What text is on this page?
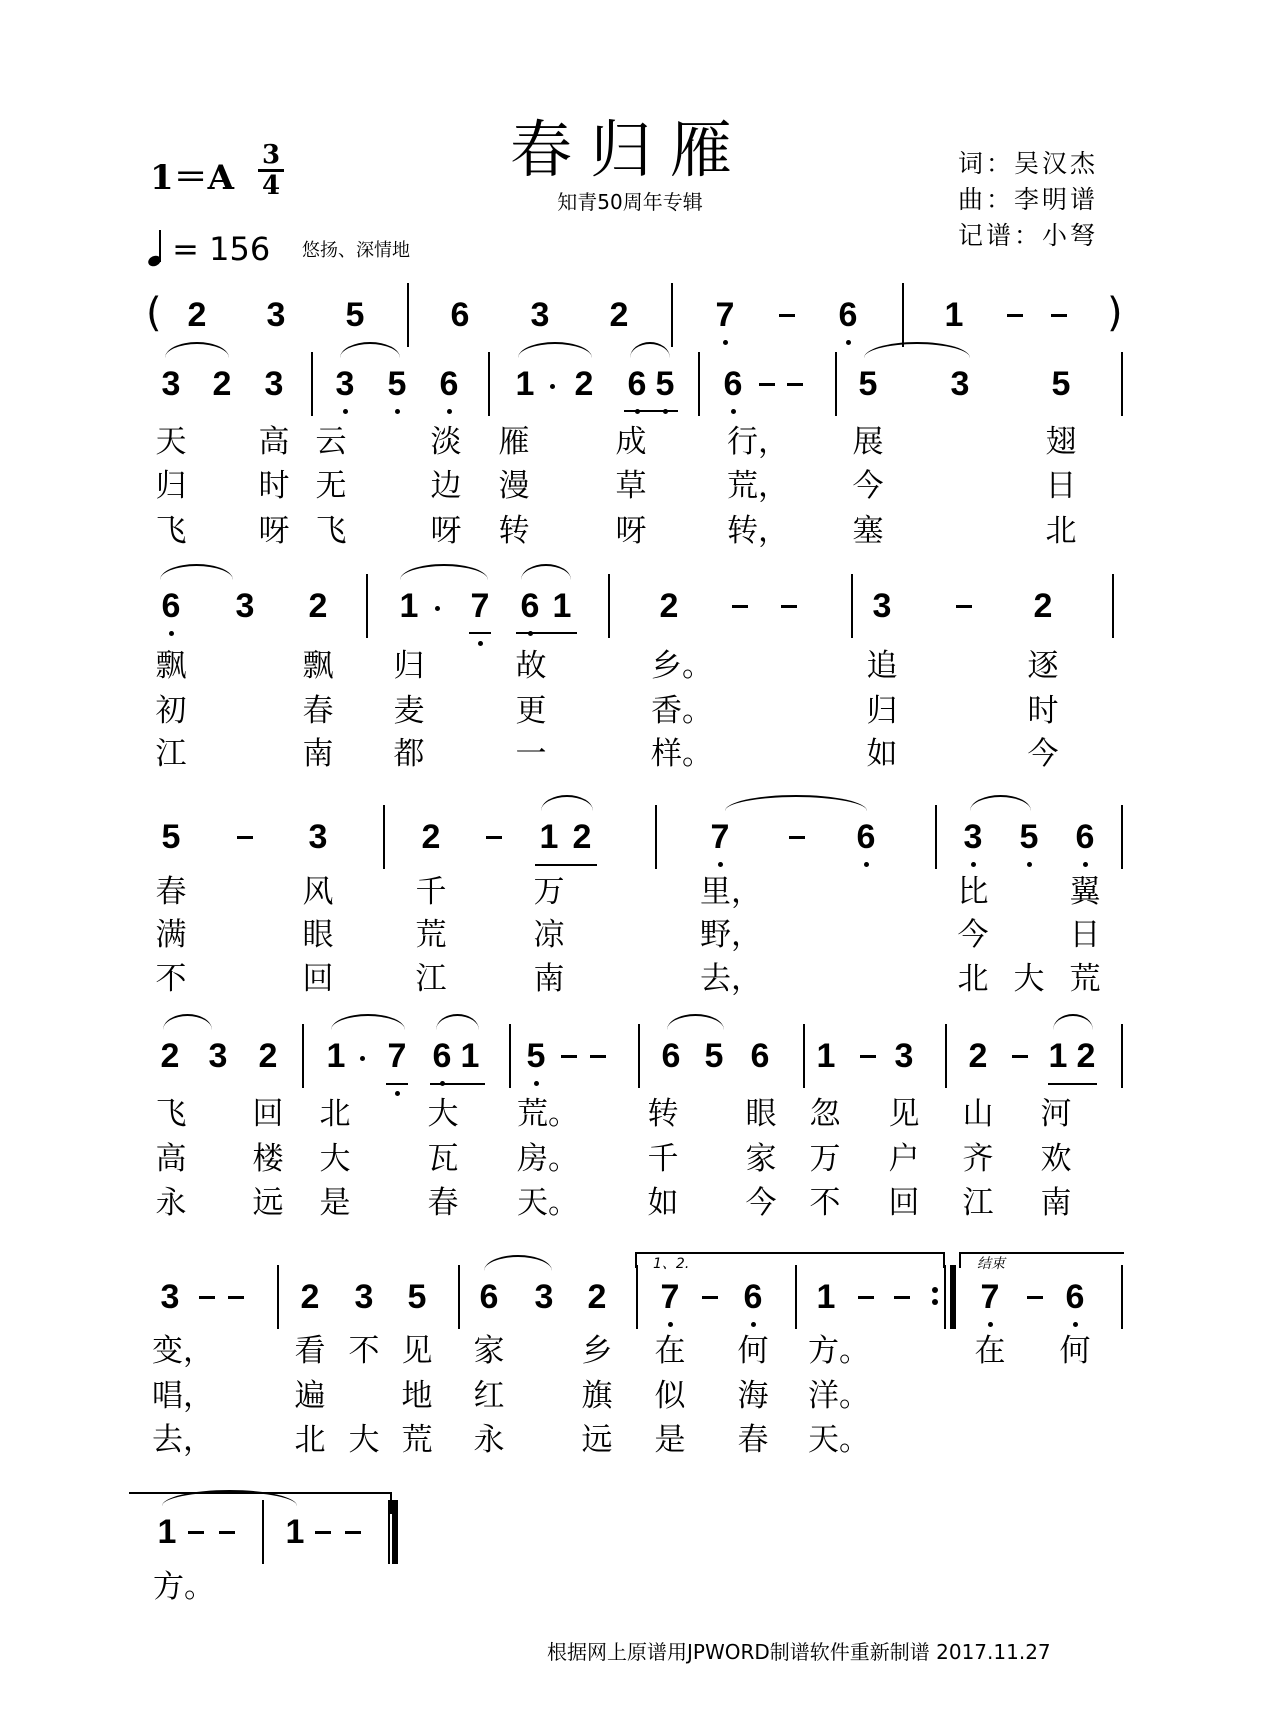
春归雁
知青50周年专辑
1＝A
3
4
= 156 悠扬、深情地
词：吴汉杰
曲：李明谱
记谱：小弩
( 2 3 5	6 3 2	7	6	1	)
3 2 3 3 5 6 1 2 6 5 6	5 3 5
天 高 云	淡 雁	成	行， 展	翅
归 时 无	边 漫	草	荒， 今	日
飞 呀 飞	呀 转	呀	转， 塞	北
6 3 2 1 7 6 1	2	3	2
飘	飘 归	故	乡。	追	逐
初	春 麦	更	香。	归	时
江	南 都	一	样。	如	今
5	3	2	1 2	7	6	3 5 6
春	风	千	万	里，	比	翼
满	眼	荒	凉	野，	今	日
不	回	江	南	去，	北 大 荒
2 3 2 1 7 6 1 5	6 5 6 1 3 2 1 2
飞 回 北 大 荒。 转 眼 忽 见 山 河
高 楼 大 瓦 房。 千 家 万 户 齐 欢
永 远 是 春 天。 如 今 不 回 江 南
3	2 3 5 6 3 2 7 6 1	7 6
1、2.	结束
变，	看 不 见 家 乡 在 何 方。	在 何
唱，	遍 地 红 旗 似 海 洋。
去，	北 大 荒 永 远 是 春 天。
1	1
方。
根据网上原谱用JPWORD制谱软件重新制谱 2017.11.27
